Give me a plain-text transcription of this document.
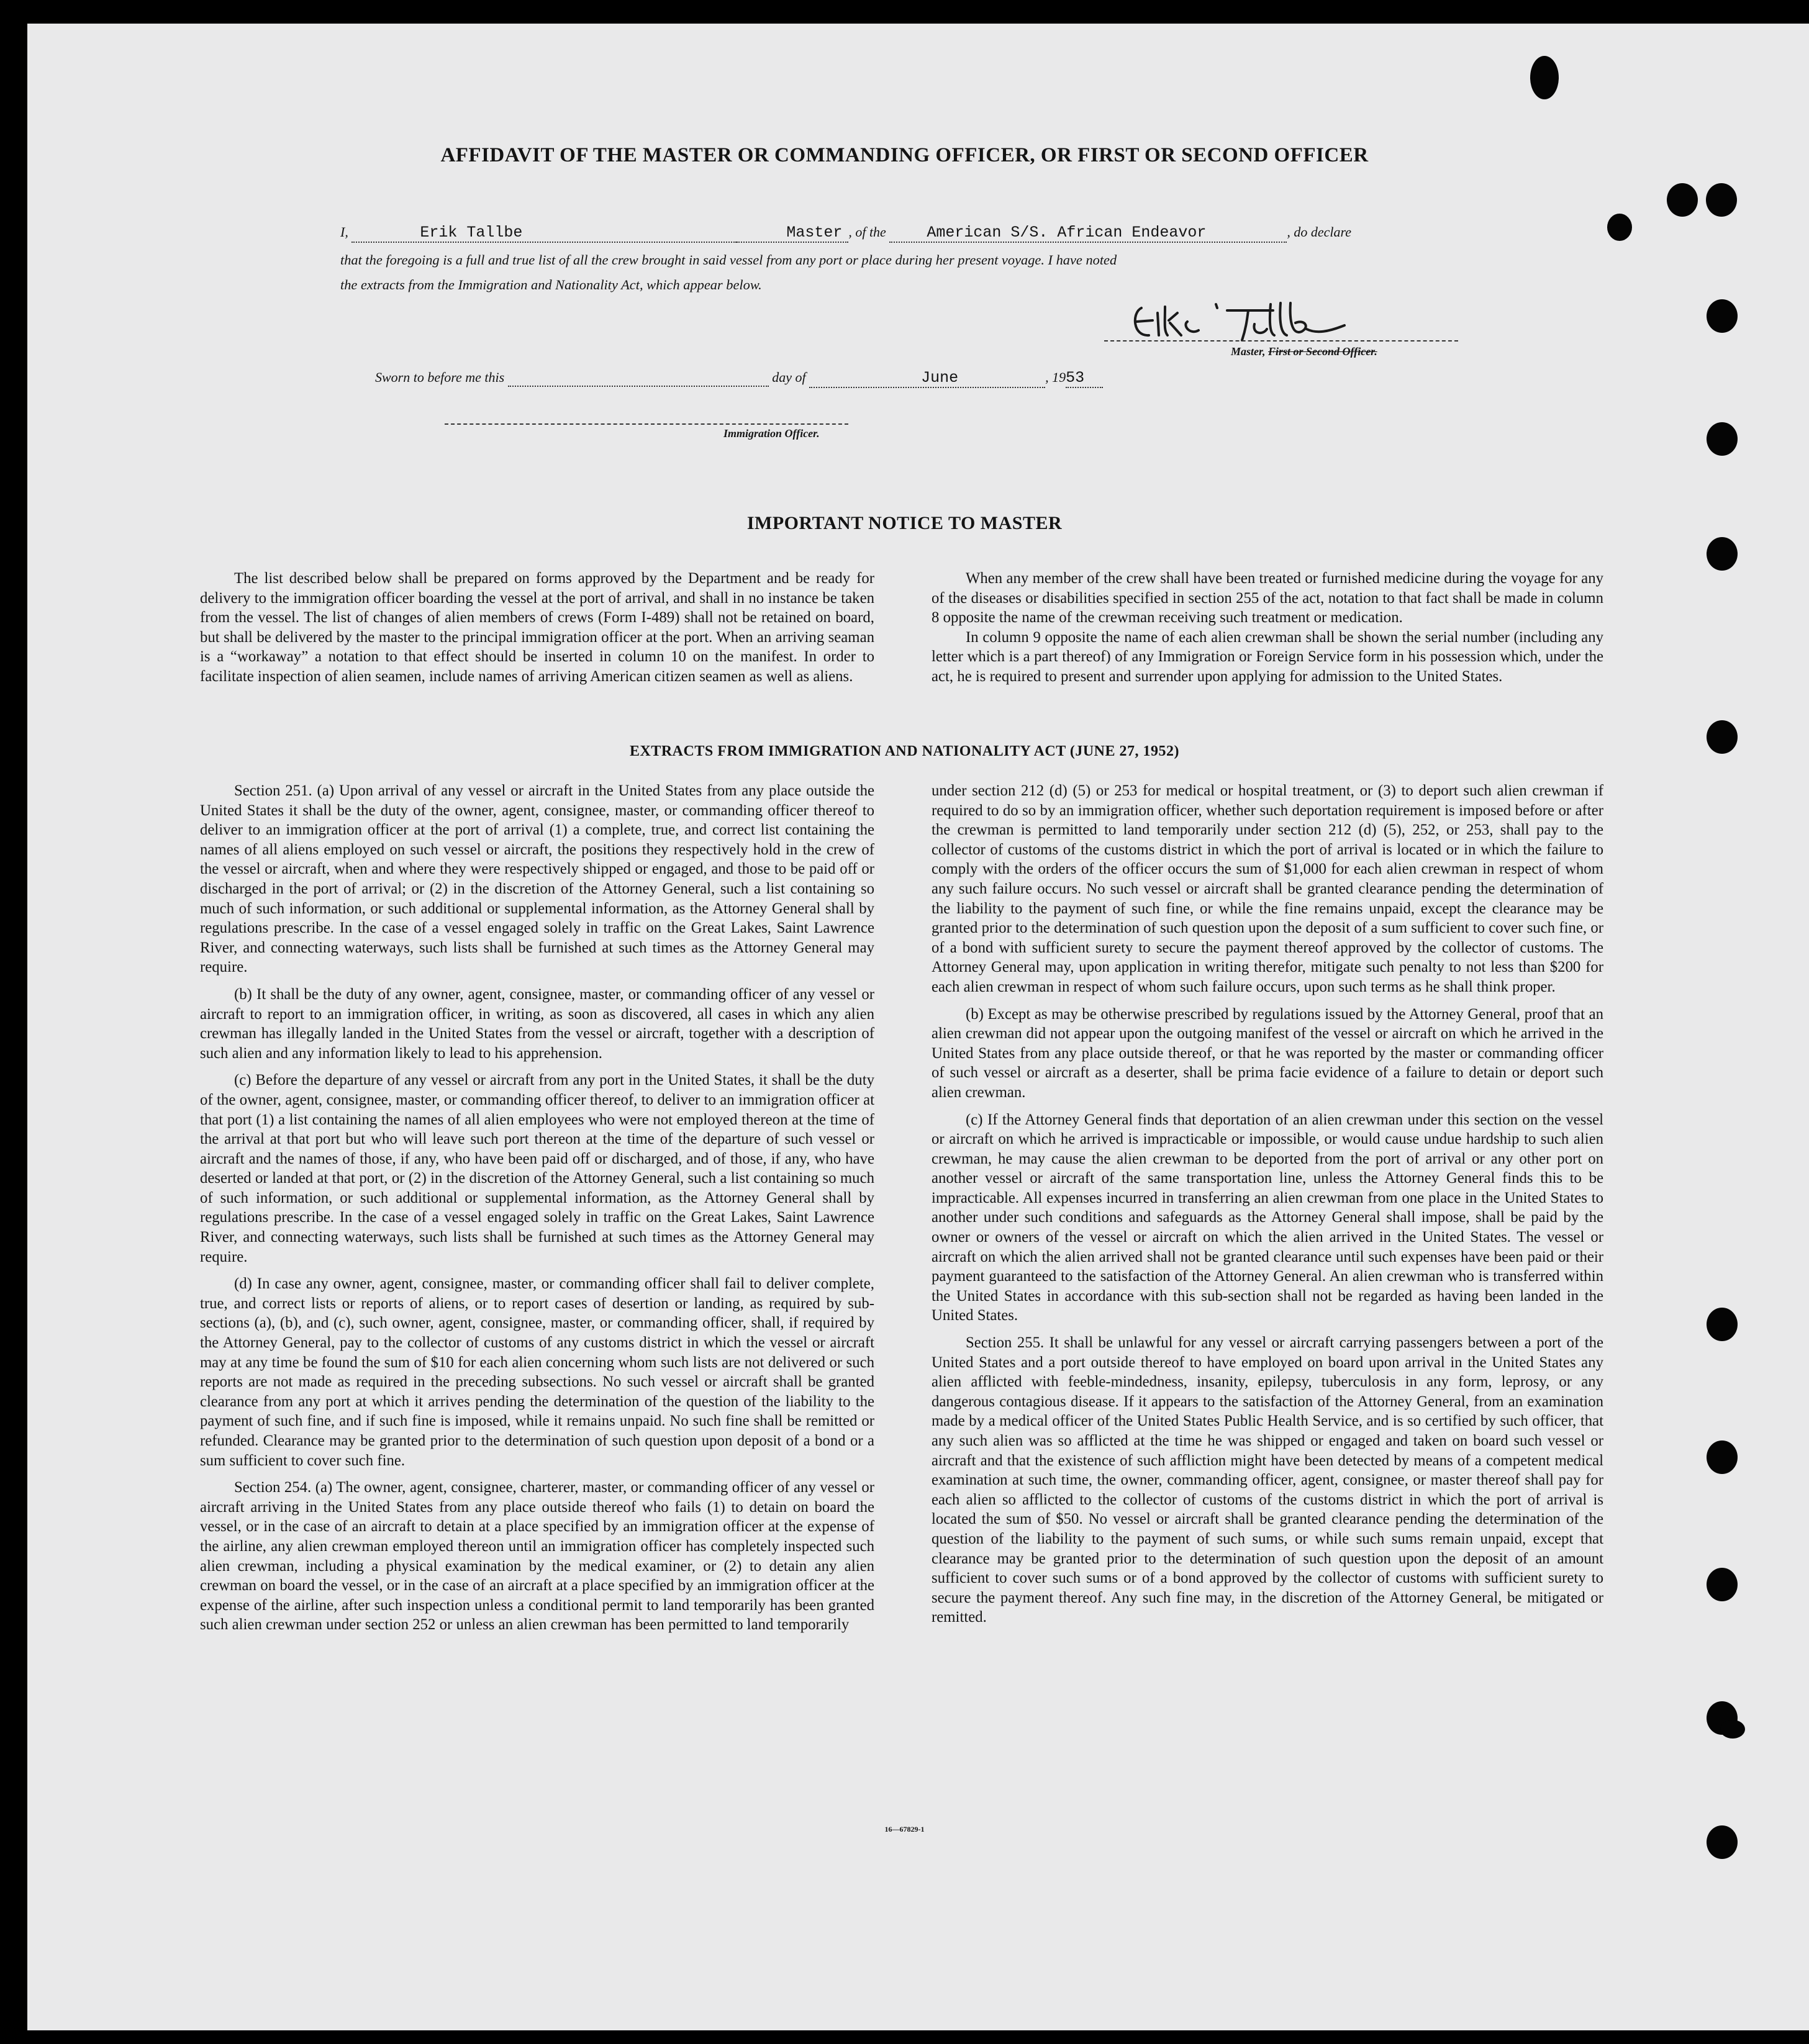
AFFIDAVIT OF THE MASTER OR COMMANDING OFFICER, OR FIRST OR SECOND OFFICER
I,	Erik Tallbe	Master , of the	American S/S. African Endeavor	, do declare
that the foregoing is a full and true list of all the crew brought in said vessel from any port or place during her present voyage. I have noted
the extracts from the Immigration and Nationality Act, which appear below.
Master, First or Second Officer.
Sworn to before me this	day of	June	, 1953
Immigration Officer.
IMPORTANT NOTICE TO MASTER

The list described below shall be prepared on forms approved by the Department and be ready for delivery to the immigration officer boarding the vessel at the port of arrival, and shall in no instance be taken from the vessel. The list of changes of alien members of crews (Form I-489) shall not be retained on board, but shall be delivered by the master to the principal immigration officer at the port. When an arriving seaman is a “workaway” a notation to that effect should be inserted in column 10 on the manifest. In order to facilitate inspection of alien seamen, include names of arriving American citizen seamen as well as aliens.

When any member of the crew shall have been treated or furnished medicine during the voyage for any of the diseases or disabilities specified in section 255 of the act, notation to that fact shall be made in column 8 opposite the name of the crewman receiving such treatment or medication.

In column 9 opposite the name of each alien crewman shall be shown the serial number (including any letter which is a part thereof) of any Immigration or Foreign Service form in his possession which, under the act, he is required to present and surrender upon applying for admission to the United States.

EXTRACTS FROM IMMIGRATION AND NATIONALITY ACT (JUNE 27, 1952)

Section 251. (a) Upon arrival of any vessel or aircraft in the United States from any place outside the United States it shall be the duty of the owner, agent, consignee, master, or commanding officer thereof to deliver to an immigration officer at the port of arrival (1) a complete, true, and correct list containing the names of all aliens employed on such vessel or aircraft, the positions they respectively hold in the crew of the vessel or aircraft, when and where they were respectively shipped or engaged, and those to be paid off or discharged in the port of arrival; or (2) in the discretion of the Attorney General, such a list containing so much of such information, or such additional or supplemental information, as the Attorney General shall by regulations prescribe. In the case of a vessel engaged solely in traffic on the Great Lakes, Saint Lawrence River, and connecting waterways, such lists shall be furnished at such times as the Attorney General may require.

(b) It shall be the duty of any owner, agent, consignee, master, or commanding officer of any vessel or aircraft to report to an immigration officer, in writing, as soon as discovered, all cases in which any alien crewman has illegally landed in the United States from the vessel or aircraft, together with a description of such alien and any information likely to lead to his apprehension.

(c) Before the departure of any vessel or aircraft from any port in the United States, it shall be the duty of the owner, agent, consignee, master, or commanding officer thereof, to deliver to an immigration officer at that port (1) a list containing the names of all alien employees who were not employed thereon at the time of the arrival at that port but who will leave such port thereon at the time of the departure of such vessel or aircraft and the names of those, if any, who have been paid off or discharged, and of those, if any, who have deserted or landed at that port, or (2) in the discretion of the Attorney General, such a list containing so much of such information, or such additional or supplemental information, as the Attorney General shall by regulations prescribe. In the case of a vessel engaged solely in traffic on the Great Lakes, Saint Lawrence River, and connecting waterways, such lists shall be furnished at such times as the Attorney General may require.

(d) In case any owner, agent, consignee, master, or commanding officer shall fail to deliver complete, true, and correct lists or reports of aliens, or to report cases of desertion or landing, as required by sub-sections (a), (b), and (c), such owner, agent, consignee, master, or commanding officer, shall, if required by the Attorney General, pay to the collector of customs of any customs district in which the vessel or aircraft may at any time be found the sum of $10 for each alien concerning whom such lists are not delivered or such reports are not made as required in the preceding subsections. No such vessel or aircraft shall be granted clearance from any port at which it arrives pending the determination of the question of the liability to the payment of such fine, and if such fine is imposed, while it remains unpaid. No such fine shall be remitted or refunded. Clearance may be granted prior to the determination of such question upon deposit of a bond or a sum sufficient to cover such fine.

Section 254. (a) The owner, agent, consignee, charterer, master, or commanding officer of any vessel or aircraft arriving in the United States from any place outside thereof who fails (1) to detain on board the vessel, or in the case of an aircraft to detain at a place specified by an immigration officer at the expense of the airline, any alien crewman employed thereon until an immigration officer has completely inspected such alien crewman, including a physical examination by the medical examiner, or (2) to detain any alien crewman on board the vessel, or in the case of an aircraft at a place specified by an immigration officer at the expense of the airline, after such inspection unless a conditional permit to land temporarily has been granted such alien crewman under section 252 or unless an alien crewman has been permitted to land temporarily

under section 212 (d) (5) or 253 for medical or hospital treatment, or (3) to deport such alien crewman if required to do so by an immigration officer, whether such deportation requirement is imposed before or after the crewman is permitted to land temporarily under section 212 (d) (5), 252, or 253, shall pay to the collector of customs of the customs district in which the port of arrival is located or in which the failure to comply with the orders of the officer occurs the sum of $1,000 for each alien crewman in respect of whom any such failure occurs. No such vessel or aircraft shall be granted clearance pending the determination of the liability to the payment of such fine, or while the fine remains unpaid, except the clearance may be granted prior to the determination of such question upon the deposit of a sum sufficient to cover such fine, or of a bond with sufficient surety to secure the payment thereof approved by the collector of customs. The Attorney General may, upon application in writing therefor, mitigate such penalty to not less than $200 for each alien crewman in respect of whom such failure occurs, upon such terms as he shall think proper.

(b) Except as may be otherwise prescribed by regulations issued by the Attorney General, proof that an alien crewman did not appear upon the outgoing manifest of the vessel or aircraft on which he arrived in the United States from any place outside thereof, or that he was reported by the master or commanding officer of such vessel or aircraft as a deserter, shall be prima facie evidence of a failure to detain or deport such alien crewman.

(c) If the Attorney General finds that deportation of an alien crewman under this section on the vessel or aircraft on which he arrived is impracticable or impossible, or would cause undue hardship to such alien crewman, he may cause the alien crewman to be deported from the port of arrival or any other port on another vessel or aircraft of the same transportation line, unless the Attorney General finds this to be impracticable. All expenses incurred in transferring an alien crewman from one place in the United States to another under such conditions and safeguards as the Attorney General shall impose, shall be paid by the owner or owners of the vessel or aircraft on which the alien arrived in the United States. The vessel or aircraft on which the alien arrived shall not be granted clearance until such expenses have been paid or their payment guaranteed to the satisfaction of the Attorney General. An alien crewman who is transferred within the United States in accordance with this sub-section shall not be regarded as having been landed in the United States.

Section 255. It shall be unlawful for any vessel or aircraft carrying passengers between a port of the United States and a port outside thereof to have employed on board upon arrival in the United States any alien afflicted with feeble-mindedness, insanity, epilepsy, tuberculosis in any form, leprosy, or any dangerous contagious disease. If it appears to the satisfaction of the Attorney General, from an examination made by a medical officer of the United States Public Health Service, and is so certified by such officer, that any such alien was so afflicted at the time he was shipped or engaged and taken on board such vessel or aircraft and that the existence of such affliction might have been detected by means of a competent medical examination at such time, the owner, commanding officer, agent, consignee, or master thereof shall pay for each alien so afflicted to the collector of customs of the customs district in which the port of arrival is located the sum of $50. No vessel or aircraft shall be granted clearance pending the determination of the question of the liability to the payment of such sums, or while such sums remain unpaid, except that clearance may be granted prior to the determination of such question upon the deposit of an amount sufficient to cover such sums or of a bond approved by the collector of customs with sufficient surety to secure the payment thereof. Any such fine may, in the discretion of the Attorney General, be mitigated or remitted.

16—67829-1
